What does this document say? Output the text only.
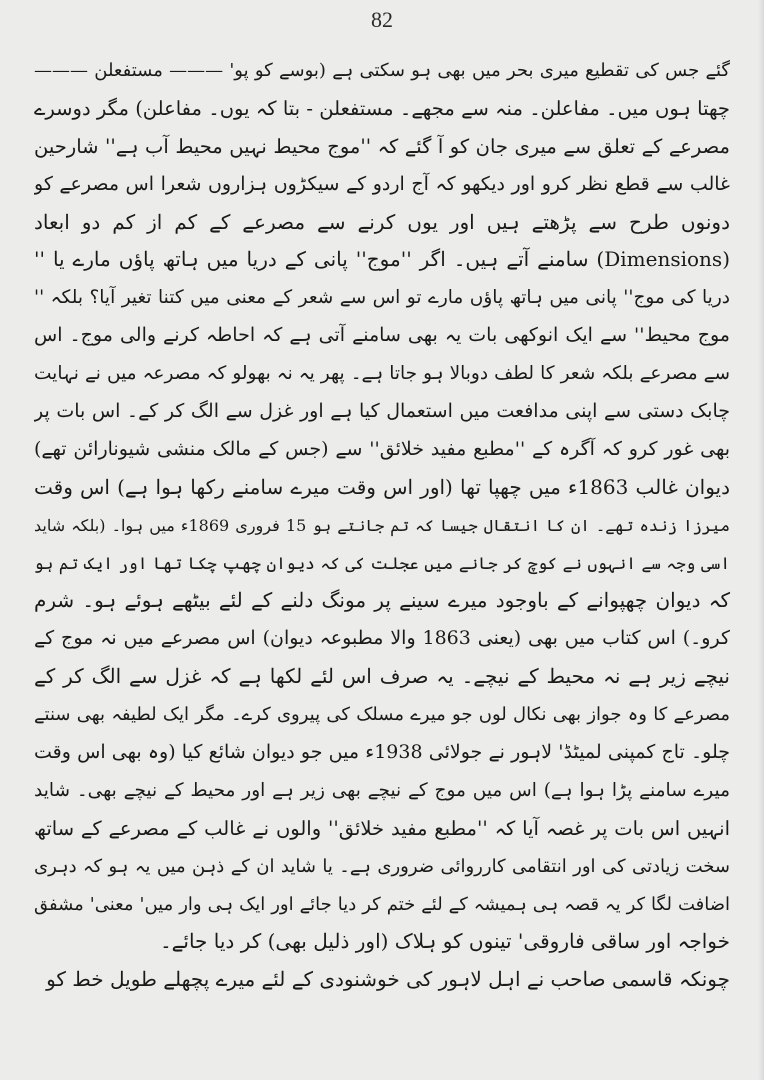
82
گئے جس کی تقطیع میری بحر میں بھی ہو سکتی ہے (بوسے کو پو' ——— مستفعلن ———
چھتا ہوں میں۔ مفاعلن۔ منہ سے مجھے۔ مستفعلن - بتا کہ یوں۔ مفاعلن) مگر دوسرے
مصرعے کے تعلق سے میری جان کو آ گئے کہ ''موج محیط نہیں محیط آب ہے'' شارحین
غالب سے قطع نظر کرو اور دیکھو کہ آج اردو کے سیکڑوں ہزاروں شعرا اس مصرعے کو
دونوں طرح سے پڑھتے ہیں اور یوں کرنے سے مصرعے کے کم از کم دو ابعاد
(Dimensions) سامنے آتے ہیں۔ اگر ''موج'' پانی کے دریا میں ہاتھ پاؤں مارے یا ''
دریا کی موج'' پانی میں ہاتھ پاؤں مارے تو اس سے شعر کے معنی میں کتنا تغیر آیا؟ بلکہ ''
موج محیط'' سے ایک انوکھی بات یہ بھی سامنے آتی ہے کہ احاطہ کرنے والی موج۔ اس
سے مصرعے بلکہ شعر کا لطف دوبالا ہو جاتا ہے۔ پھر یہ نہ بھولو کہ مصرعہ میں نے نہایت
چابک دستی سے اپنی مدافعت میں استعمال کیا ہے اور غزل سے الگ کر کے۔ اس بات پر
بھی غور کرو کہ آگرہ کے ''مطبع مفید خلائق'' سے (جس کے مالک منشی شیونارائن تھے)
دیوان غالب 1863ء میں چھپا تھا (اور اس وقت میرے سامنے رکھا ہوا ہے) اس وقت
میرزا زندہ تھے۔ ان کا انتقال جیسا کہ تم جانتے ہو 15 فروری 1869ء میں ہوا۔ (بلکہ شاید
اسی وجہ سے انہوں نے کوچ کر جانے میں عجلت کی کہ دیوان چھپ چکا تھا اور ایک تم ہو
کہ دیوان چھپوانے کے باوجود میرے سینے پر مونگ دلنے کے لئے بیٹھے ہوئے ہو۔ شرم
کرو۔) اس کتاب میں بھی (یعنی 1863 والا مطبوعہ دیوان) اس مصرعے میں نہ موج کے
نیچے زیر ہے نہ محیط کے نیچے۔ یہ صرف اس لئے لکھا ہے کہ غزل سے الگ کر کے
مصرعے کا وہ جواز بھی نکال لوں جو میرے مسلک کی پیروی کرے۔ مگر ایک لطیفہ بھی سنتے
چلو۔ تاج کمپنی لمیٹڈ' لاہور نے جولائی 1938ء میں جو دیوان شائع کیا (وہ بھی اس وقت
میرے سامنے پڑا ہوا ہے) اس میں موج کے نیچے بھی زیر ہے اور محیط کے نیچے بھی۔ شاید
انہیں اس بات پر غصہ آیا کہ ''مطبع مفید خلائق'' والوں نے غالب کے مصرعے کے ساتھ
سخت زیادتی کی اور انتقامی کارروائی ضروری ہے۔ یا شاید ان کے ذہن میں یہ ہو کہ دہری
اضافت لگا کر یہ قصہ ہی ہمیشہ کے لئے ختم کر دیا جائے اور ایک ہی وار میں' معنی' مشفق
خواجہ اور ساقی فاروقی' تینوں کو ہلاک (اور ذلیل بھی) کر دیا جائے۔
چونکہ قاسمی صاحب نے اہل لاہور کی خوشنودی کے لئے میرے پچھلے طویل خط کو
